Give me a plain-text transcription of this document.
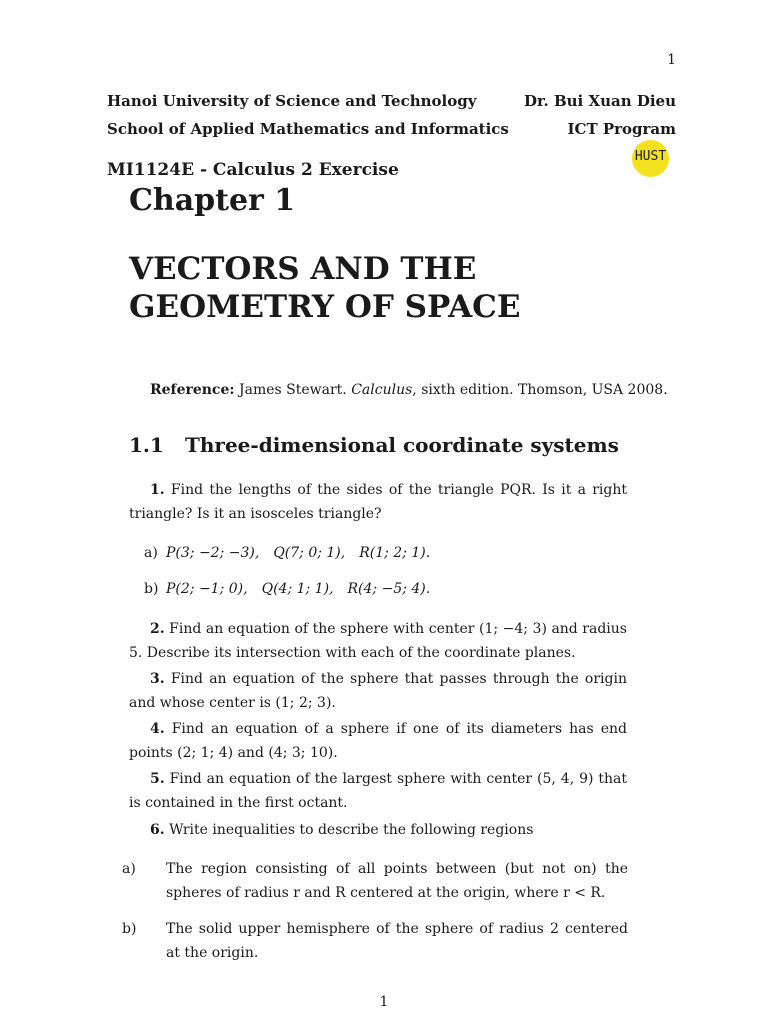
1
Hanoi University of Science and Technology
School of Applied Mathematics and Informatics
Dr. Bui Xuan Dieu
ICT Program
MI1124E - Calculus 2 Exercise
HUST
Chapter 1
VECTORS AND THE
GEOMETRY OF SPACE
Reference: James Stewart. Calculus, sixth edition. Thomson, USA 2008.
1.1 Three-dimensional coordinate systems
1. Find the lengths of the sides of the triangle PQR. Is it a right triangle? Is it an isosceles triangle?
a) P(3; −2; −3), Q(7; 0; 1), R(1; 2; 1).
b) P(2; −1; 0), Q(4; 1; 1), R(4; −5; 4).
2. Find an equation of the sphere with center (1; −4; 3) and radius 5. Describe its intersection with each of the coordinate planes.
3. Find an equation of the sphere that passes through the origin and whose center is (1; 2; 3).
4. Find an equation of a sphere if one of its diameters has end points (2; 1; 4) and (4; 3; 10).
5. Find an equation of the largest sphere with center (5, 4, 9) that is contained in the first octant.
6. Write inequalities to describe the following regions
a) The region consisting of all points between (but not on) the spheres of radius r and R centered at the origin, where r < R.
b) The solid upper hemisphere of the sphere of radius 2 centered at the origin.
1
